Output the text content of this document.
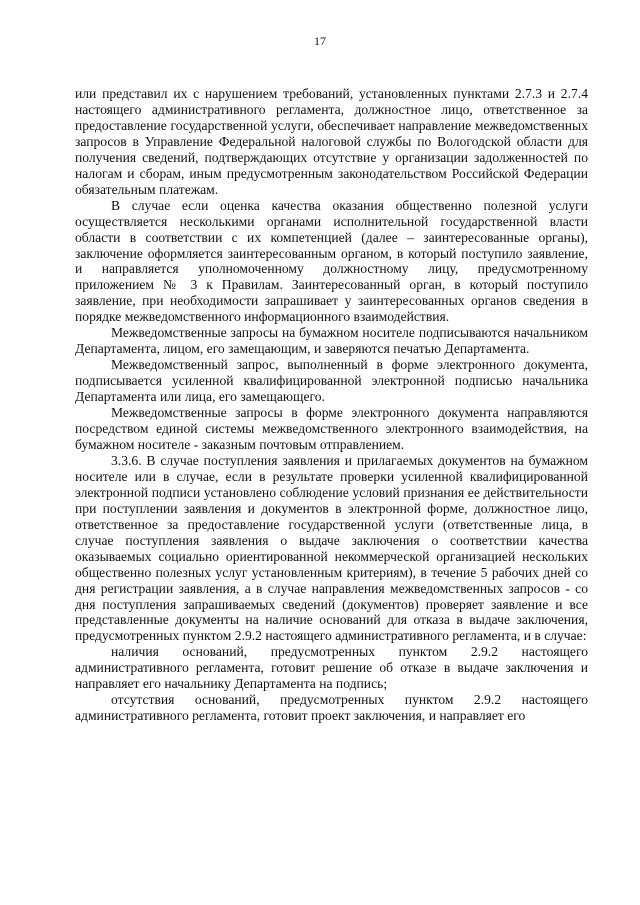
17

или представил их с нарушением требований, установленных пунктами 2.7.3 и 2.7.4 настоящего административного регламента, должностное лицо, ответственное за предоставление государственной услуги, обеспечивает направление межведомственных запросов в Управление Федеральной налоговой службы по Вологодской области для получения сведений, подтверждающих отсутствие у организации задолженностей по налогам и сборам, иным предусмотренным законодательством Российской Федерации обязательным платежам.

В случае если оценка качества оказания общественно полезной услуги осуществляется несколькими органами исполнительной государственной власти области в соответствии с их компетенцией (далее – заинтересованные органы), заключение оформляется заинтересованным органом, в который поступило заявление, и направляется уполномоченному должностному лицу, предусмотренному приложением № 3 к Правилам. Заинтересованный орган, в который поступило заявление, при необходимости запрашивает у заинтересованных органов сведения в порядке межведомственного информационного взаимодействия.

Межведомственные запросы на бумажном носителе подписываются начальником Департамента, лицом, его замещающим, и заверяются печатью Департамента.

Межведомственный запрос, выполненный в форме электронного документа, подписывается усиленной квалифицированной электронной подписью начальника Департамента или лица, его замещающего.

Межведомственные запросы в форме электронного документа направляются посредством единой системы межведомственного электронного взаимодействия, на бумажном носителе - заказным почтовым отправлением.

3.3.6. В случае поступления заявления и прилагаемых документов на бумажном носителе или в случае, если в результате проверки усиленной квалифицированной электронной подписи установлено соблюдение условий признания ее действительности при поступлении заявления и документов в электронной форме, должностное лицо, ответственное за предоставление государственной услуги (ответственные лица, в случае поступления заявления о выдаче заключения о соответствии качества оказываемых социально ориентированной некоммерческой организацией нескольких общественно полезных услуг установленным критериям), в течение 5 рабочих дней со дня регистрации заявления, а в случае направления межведомственных запросов - со дня поступления запрашиваемых сведений (документов) проверяет заявление и все представленные документы на наличие оснований для отказа в выдаче заключения, предусмотренных пунктом 2.9.2 настоящего административного регламента, и в случае:

наличия оснований, предусмотренных пунктом 2.9.2 настоящего административного регламента, готовит решение об отказе в выдаче заключения и направляет его начальнику Департамента на подпись;

отсутствия оснований, предусмотренных пунктом 2.9.2 настоящего административного регламента, готовит проект заключения, и направляет его
